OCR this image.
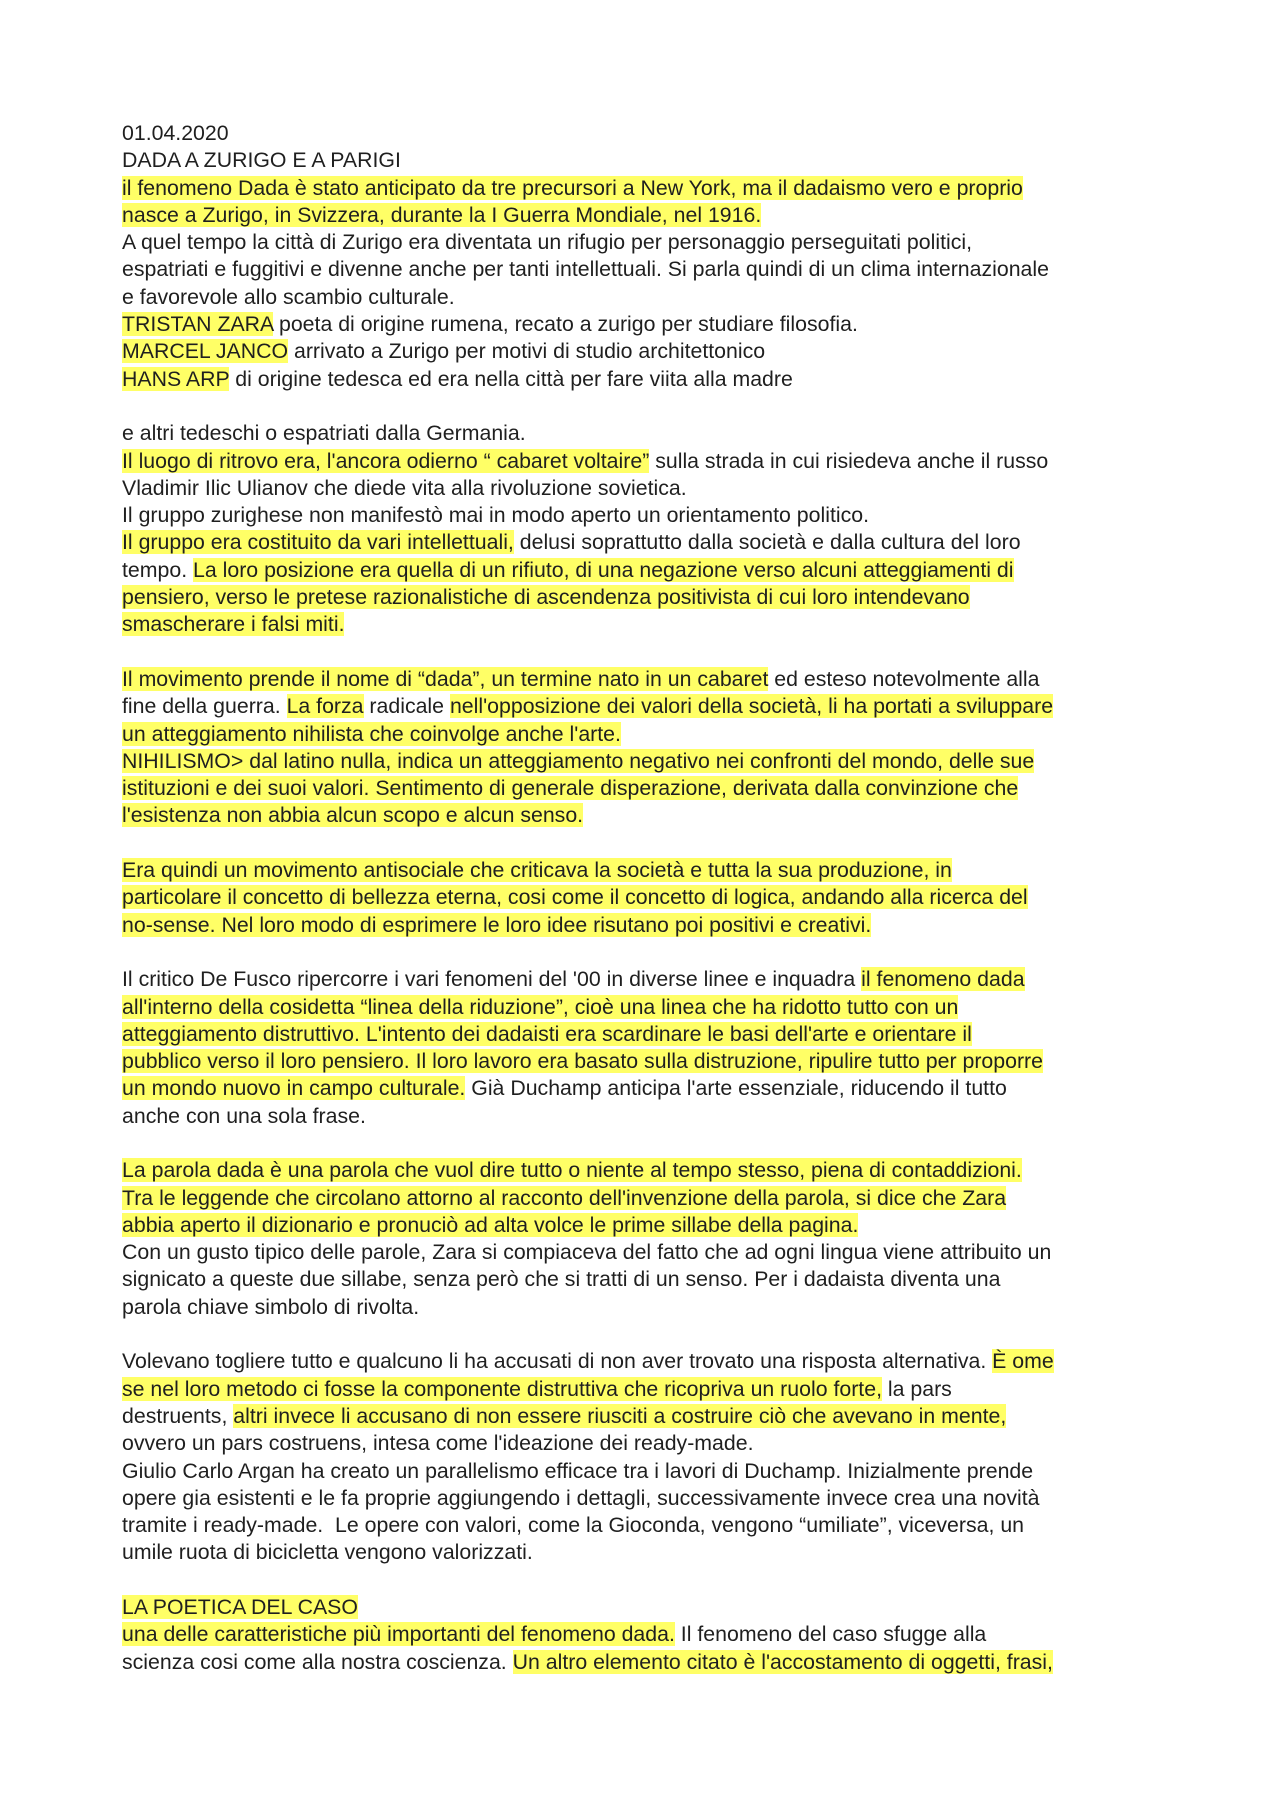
01.04.2020
DADA A ZURIGO E A PARIGI
il fenomeno Dada è stato anticipato da tre precursori a New York, ma il dadaismo vero e proprio
nasce a Zurigo, in Svizzera, durante la I Guerra Mondiale, nel 1916.
A quel tempo la città di Zurigo era diventata un rifugio per personaggio perseguitati politici,
espatriati e fuggitivi e divenne anche per tanti intellettuali. Si parla quindi di un clima internazionale
e favorevole allo scambio culturale.
TRISTAN ZARA poeta di origine rumena, recato a zurigo per studiare filosofia.
MARCEL JANCO arrivato a Zurigo per motivi di studio architettonico
HANS ARP di origine tedesca ed era nella città per fare viita alla madre
e altri tedeschi o espatriati dalla Germania.
Il luogo di ritrovo era, l'ancora odierno “ cabaret voltaire” sulla strada in cui risiedeva anche il russo
Vladimir Ilic Ulianov che diede vita alla rivoluzione sovietica.
Il gruppo zurighese non manifestò mai in modo aperto un orientamento politico.
Il gruppo era costituito da vari intellettuali, delusi soprattutto dalla società e dalla cultura del loro
tempo. La loro posizione era quella di un rifiuto, di una negazione verso alcuni atteggiamenti di
pensiero, verso le pretese razionalistiche di ascendenza positivista di cui loro intendevano
smascherare i falsi miti.
Il movimento prende il nome di “dada”, un termine nato in un cabaret ed esteso notevolmente alla
fine della guerra. La forza radicale nell'opposizione dei valori della società, li ha portati a sviluppare
un atteggiamento nihilista che coinvolge anche l'arte.
NIHILISMO> dal latino nulla, indica un atteggiamento negativo nei confronti del mondo, delle sue
istituzioni e dei suoi valori. Sentimento di generale disperazione, derivata dalla convinzione che
l'esistenza non abbia alcun scopo e alcun senso.
Era quindi un movimento antisociale che criticava la società e tutta la sua produzione, in
particolare il concetto di bellezza eterna, cosi come il concetto di logica, andando alla ricerca del
no-sense. Nel loro modo di esprimere le loro idee risutano poi positivi e creativi.
Il critico De Fusco ripercorre i vari fenomeni del '00 in diverse linee e inquadra il fenomeno dada
all'interno della cosidetta “linea della riduzione”, cioè una linea che ha ridotto tutto con un
atteggiamento distruttivo. L'intento dei dadaisti era scardinare le basi dell'arte e orientare il
pubblico verso il loro pensiero. Il loro lavoro era basato sulla distruzione, ripulire tutto per proporre
un mondo nuovo in campo culturale. Già Duchamp anticipa l'arte essenziale, riducendo il tutto
anche con una sola frase.
La parola dada è una parola che vuol dire tutto o niente al tempo stesso, piena di contaddizioni.
Tra le leggende che circolano attorno al racconto dell'invenzione della parola, si dice che Zara
abbia aperto il dizionario e pronuciò ad alta volce le prime sillabe della pagina.
Con un gusto tipico delle parole, Zara si compiaceva del fatto che ad ogni lingua viene attribuito un
signicato a queste due sillabe, senza però che si tratti di un senso. Per i dadaista diventa una
parola chiave simbolo di rivolta.
Volevano togliere tutto e qualcuno li ha accusati di non aver trovato una risposta alternativa. È ome
se nel loro metodo ci fosse la componente distruttiva che ricopriva un ruolo forte, la pars
destruents, altri invece li accusano di non essere riusciti a costruire ciò che avevano in mente,
ovvero un pars costruens, intesa come l'ideazione dei ready-made.
Giulio Carlo Argan ha creato un parallelismo efficace tra i lavori di Duchamp. Inizialmente prende
opere gia esistenti e le fa proprie aggiungendo i dettagli, successivamente invece crea una novità
tramite i ready-made.  Le opere con valori, come la Gioconda, vengono “umiliate”, viceversa, un
umile ruota di bicicletta vengono valorizzati.
LA POETICA DEL CASO
una delle caratteristiche più importanti del fenomeno dada. Il fenomeno del caso sfugge alla
scienza cosi come alla nostra coscienza. Un altro elemento citato è l'accostamento di oggetti, frasi,
